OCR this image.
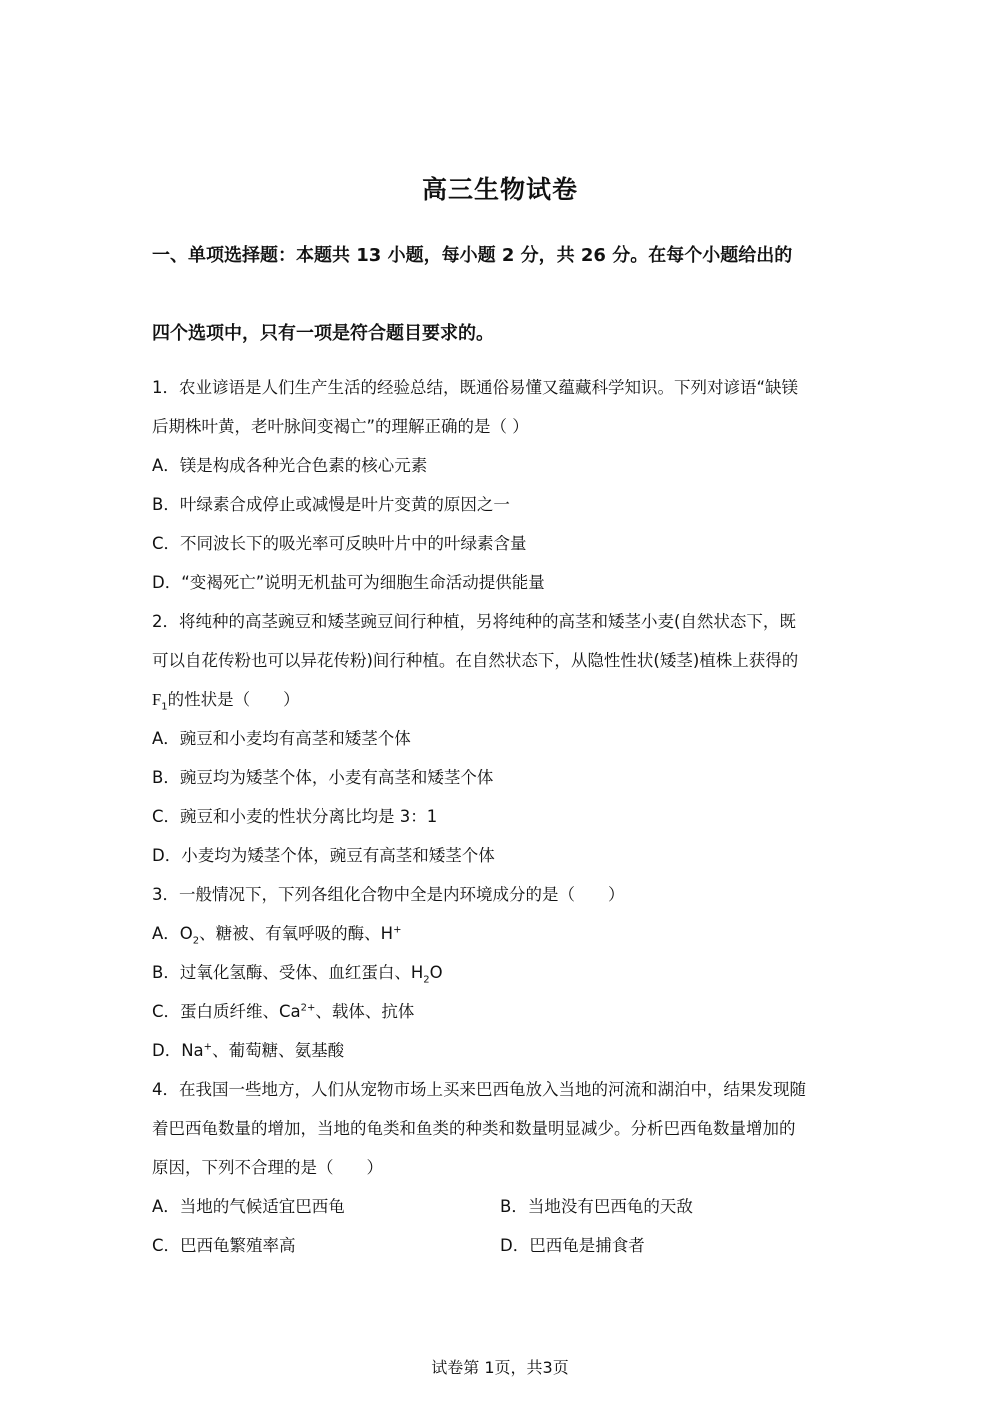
高三生物试卷
一、单项选择题：本题共 13 小题，每小题 2 分，共 26 分。在每个小题给出的
四个选项中，只有一项是符合题目要求的。
1．农业谚语是人们生产生活的经验总结，既通俗易懂又蕴藏科学知识。下列对谚语“缺镁
后期株叶黄，老叶脉间变褐亡”的理解正确的是（ ）
A．镁是构成各种光合色素的核心元素
B．叶绿素合成停止或减慢是叶片变黄的原因之一
C．不同波长下的吸光率可反映叶片中的叶绿素含量
D．“变褐死亡”说明无机盐可为细胞生命活动提供能量
2．将纯种的高茎豌豆和矮茎豌豆间行种植，另将纯种的高茎和矮茎小麦(自然状态下，既
可以自花传粉也可以异花传粉)间行种植。在自然状态下，从隐性性状(矮茎)植株上获得的
$F_1$的性状是（　　）
A．豌豆和小麦均有高茎和矮茎个体
B．豌豆均为矮茎个体，小麦有高茎和矮茎个体
C．豌豆和小麦的性状分离比均是 3：1
D．小麦均为矮茎个体，豌豆有高茎和矮茎个体
3．一般情况下，下列各组化合物中全是内环境成分的是（　　）
A．$O_2$、糖被、有氧呼吸的酶、H+
B．过氧化氢酶、受体、血红蛋白、$H_2O$
C．蛋白质纤维、$Ca^{2+}$、载体、抗体
D．Na+、葡萄糖、氨基酸
4．在我国一些地方，人们从宠物市场上买来巴西龟放入当地的河流和湖泊中，结果发现随
着巴西龟数量的增加，当地的龟类和鱼类的种类和数量明显减少。分析巴西龟数量增加的
原因，下列不合理的是（　　）
A．当地的气候适宜巴西龟	B．当地没有巴西龟的天敌
C．巴西龟繁殖率高	D．巴西龟是捕食者
试卷第 1页，共3页
